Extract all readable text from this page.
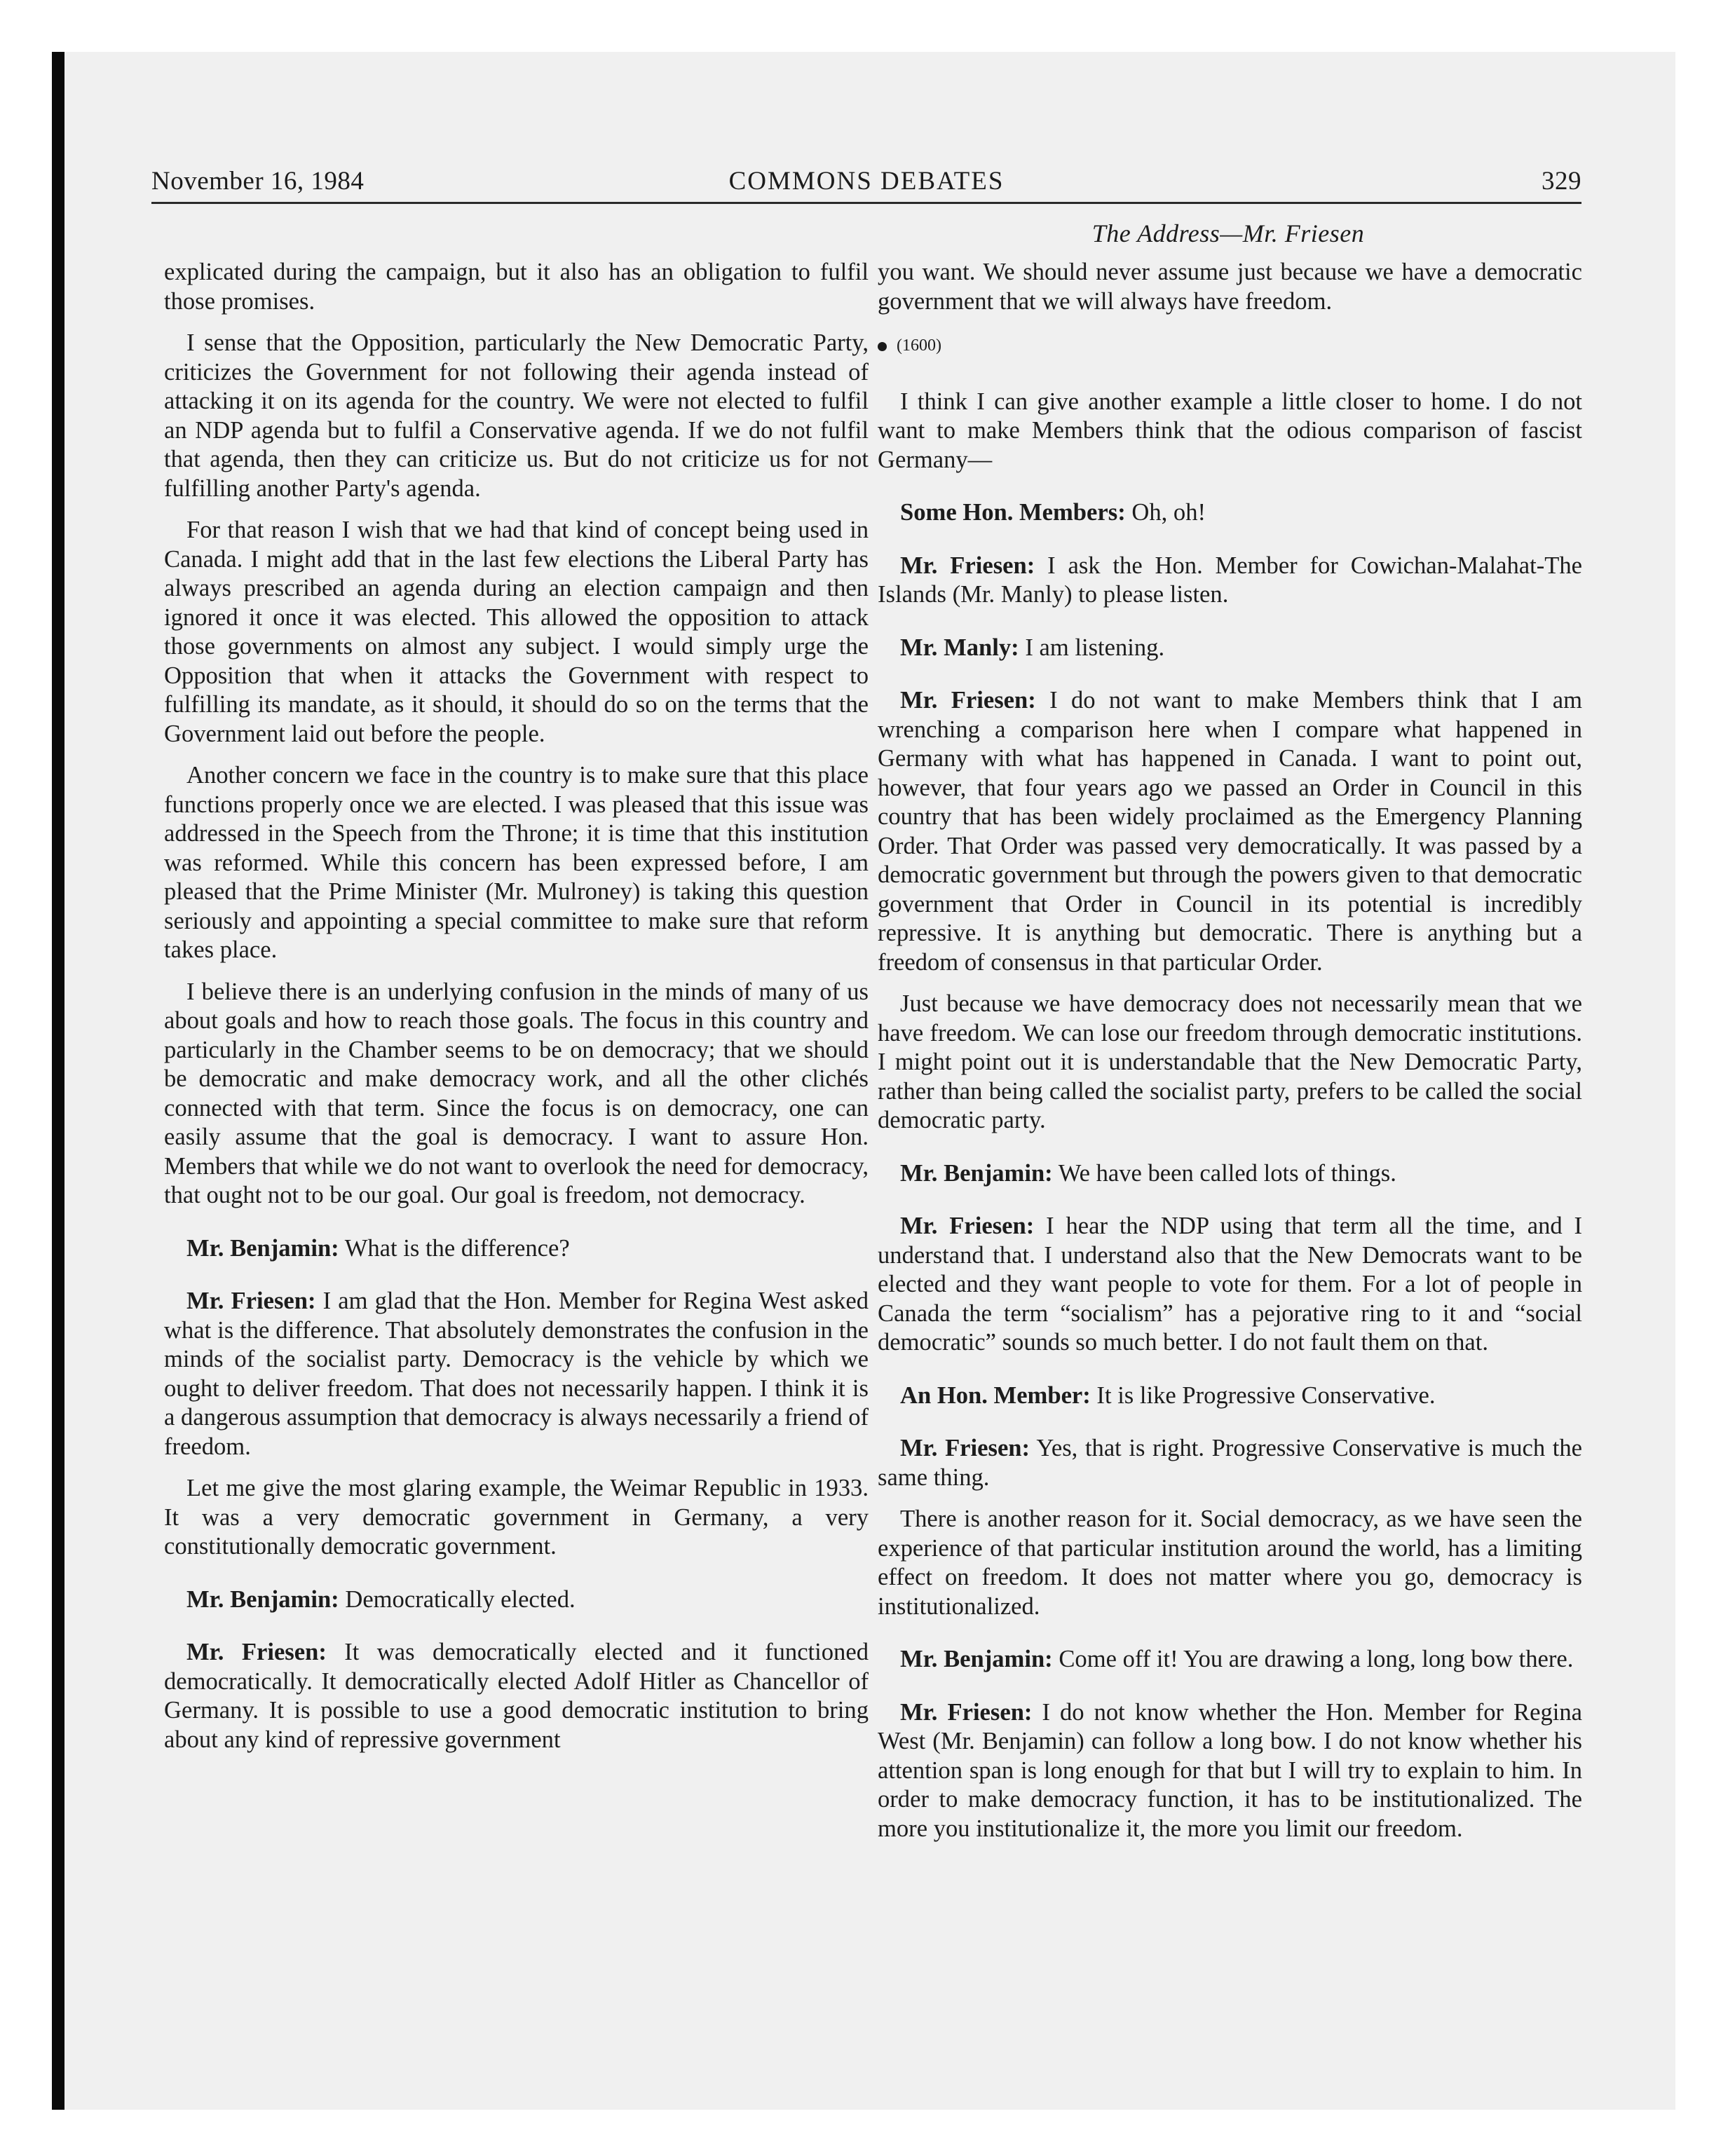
November 16, 1984	COMMONS DEBATES	329
The Address—Mr. Friesen

explicated during the campaign, but it also has an obligation to fulfil those promises.

I sense that the Opposition, particularly the New Democratic Party, criticizes the Government for not following their agenda instead of attacking it on its agenda for the country. We were not elected to fulfil an NDP agenda but to fulfil a Conservative agenda. If we do not fulfil that agenda, then they can criticize us. But do not criticize us for not fulfilling another Party's agenda.

For that reason I wish that we had that kind of concept being used in Canada. I might add that in the last few elections the Liberal Party has always prescribed an agenda during an election campaign and then ignored it once it was elected. This allowed the opposition to attack those governments on almost any subject. I would simply urge the Opposition that when it attacks the Government with respect to fulfilling its mandate, as it should, it should do so on the terms that the Government laid out before the people.

Another concern we face in the country is to make sure that this place functions properly once we are elected. I was pleased that this issue was addressed in the Speech from the Throne; it is time that this institution was reformed. While this concern has been expressed before, I am pleased that the Prime Minister (Mr. Mulroney) is taking this question seriously and appointing a special committee to make sure that reform takes place.

I believe there is an underlying confusion in the minds of many of us about goals and how to reach those goals. The focus in this country and particularly in the Chamber seems to be on democracy; that we should be democratic and make democracy work, and all the other clichés connected with that term. Since the focus is on democracy, one can easily assume that the goal is democracy. I want to assure Hon. Members that while we do not want to overlook the need for democracy, that ought not to be our goal. Our goal is freedom, not democracy.

Mr. Benjamin: What is the difference?

Mr. Friesen: I am glad that the Hon. Member for Regina West asked what is the difference. That absolutely demonstrates the confusion in the minds of the socialist party. Democracy is the vehicle by which we ought to deliver freedom. That does not necessarily happen. I think it is a dangerous assumption that democracy is always necessarily a friend of freedom.

Let me give the most glaring example, the Weimar Republic in 1933. It was a very democratic government in Germany, a very constitutionally democratic government.

Mr. Benjamin: Democratically elected.

Mr. Friesen: It was democratically elected and it functioned democratically. It democratically elected Adolf Hitler as Chancellor of Germany. It is possible to use a good democratic institution to bring about any kind of repressive government

you want. We should never assume just because we have a democratic government that we will always have freedom.

(1600)

I think I can give another example a little closer to home. I do not want to make Members think that the odious comparison of fascist Germany—

Some Hon. Members: Oh, oh!

Mr. Friesen: I ask the Hon. Member for Cowichan-Malahat-The Islands (Mr. Manly) to please listen.

Mr. Manly: I am listening.

Mr. Friesen: I do not want to make Members think that I am wrenching a comparison here when I compare what happened in Germany with what has happened in Canada. I want to point out, however, that four years ago we passed an Order in Council in this country that has been widely proclaimed as the Emergency Planning Order. That Order was passed very democratically. It was passed by a democratic government but through the powers given to that democratic government that Order in Council in its potential is incredibly repressive. It is anything but democratic. There is anything but a freedom of consensus in that particular Order.

Just because we have democracy does not necessarily mean that we have freedom. We can lose our freedom through democratic institutions. I might point out it is understandable that the New Democratic Party, rather than being called the socialist party, prefers to be called the social democratic party.

Mr. Benjamin: We have been called lots of things.

Mr. Friesen: I hear the NDP using that term all the time, and I understand that. I understand also that the New Democrats want to be elected and they want people to vote for them. For a lot of people in Canada the term “socialism” has a pejorative ring to it and “social democratic” sounds so much better. I do not fault them on that.

An Hon. Member: It is like Progressive Conservative.

Mr. Friesen: Yes, that is right. Progressive Conservative is much the same thing.

There is another reason for it. Social democracy, as we have seen the experience of that particular institution around the world, has a limiting effect on freedom. It does not matter where you go, democracy is institutionalized.

Mr. Benjamin: Come off it! You are drawing a long, long bow there.

Mr. Friesen: I do not know whether the Hon. Member for Regina West (Mr. Benjamin) can follow a long bow. I do not know whether his attention span is long enough for that but I will try to explain to him. In order to make democracy function, it has to be institutionalized. The more you institutionalize it, the more you limit our freedom.
